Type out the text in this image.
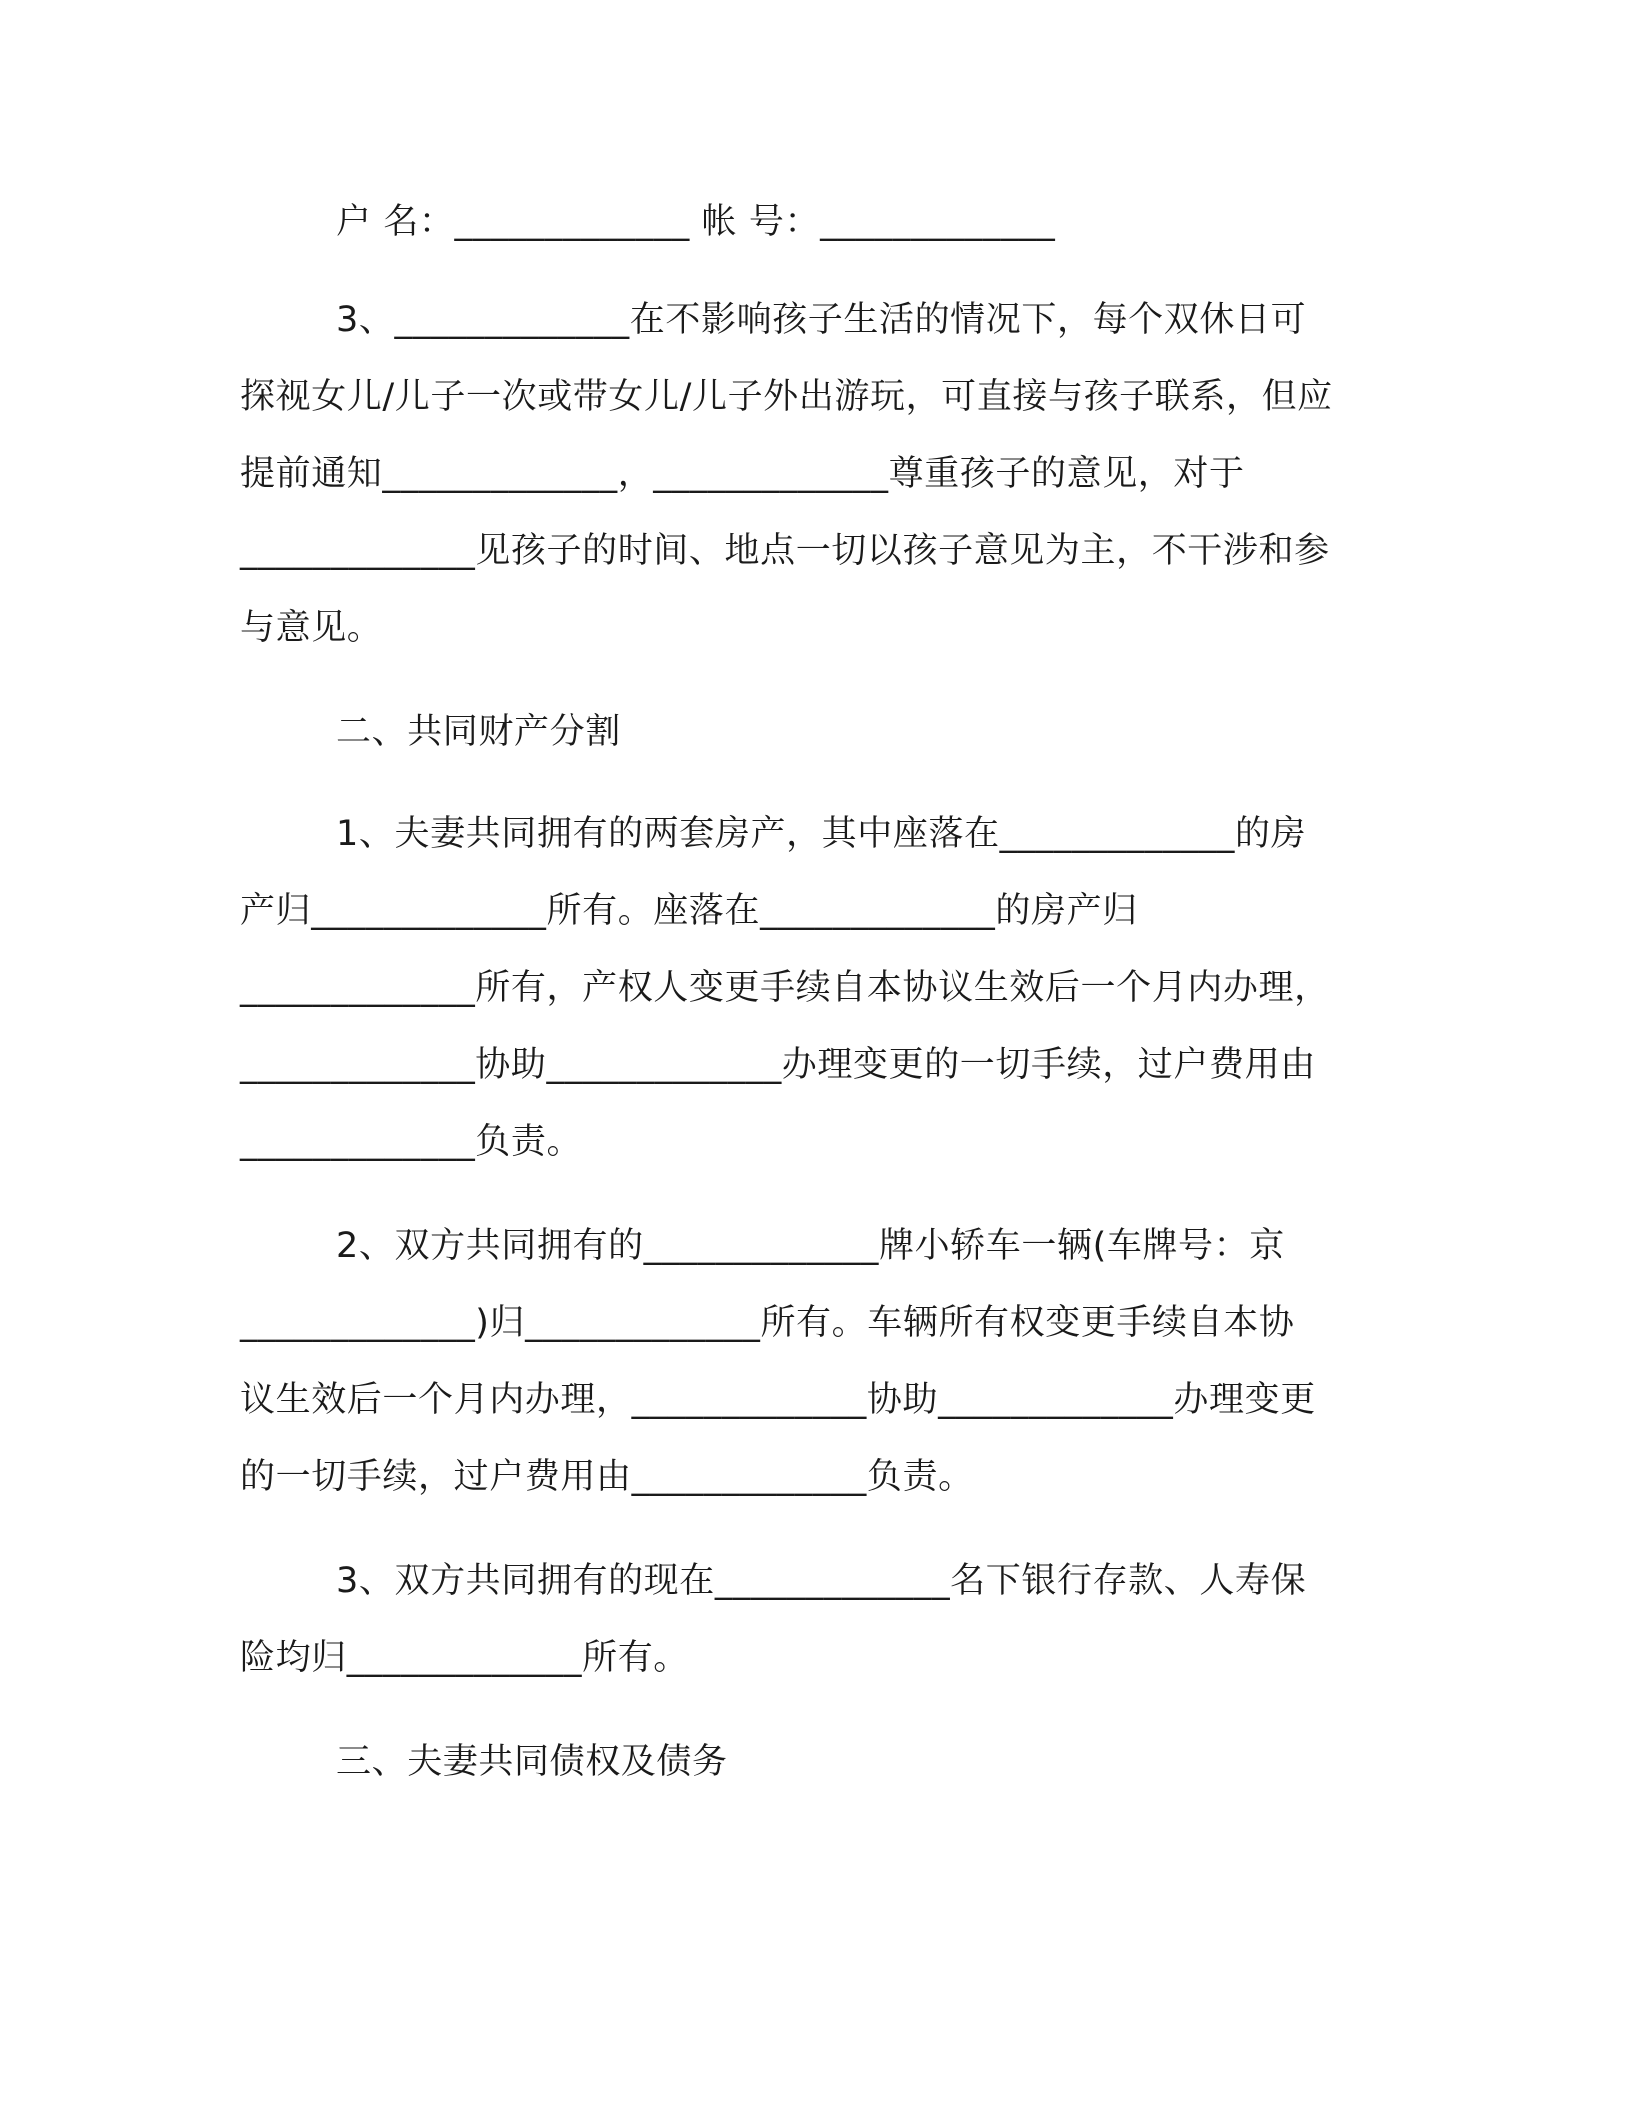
户 名：_____________ 帐 号：_____________
3、_____________在不影响孩子生活的情况下，每个双休日可
探视女儿/儿子一次或带女儿/儿子外出游玩，可直接与孩子联系，但应
提前通知_____________，_____________尊重孩子的意见，对于
_____________见孩子的时间、地点一切以孩子意见为主，不干涉和参
与意见。
二、共同财产分割
1、夫妻共同拥有的两套房产，其中座落在_____________的房
产归_____________所有。座落在_____________的房产归
_____________所有，产权人变更手续自本协议生效后一个月内办理，
_____________协助_____________办理变更的一切手续，过户费用由
_____________负责。
2、双方共同拥有的_____________牌小轿车一辆(车牌号：京
_____________)归_____________所有。车辆所有权变更手续自本协
议生效后一个月内办理，_____________协助_____________办理变更
的一切手续，过户费用由_____________负责。
3、双方共同拥有的现在_____________名下银行存款、人寿保
险均归_____________所有。
三、夫妻共同债权及债务
